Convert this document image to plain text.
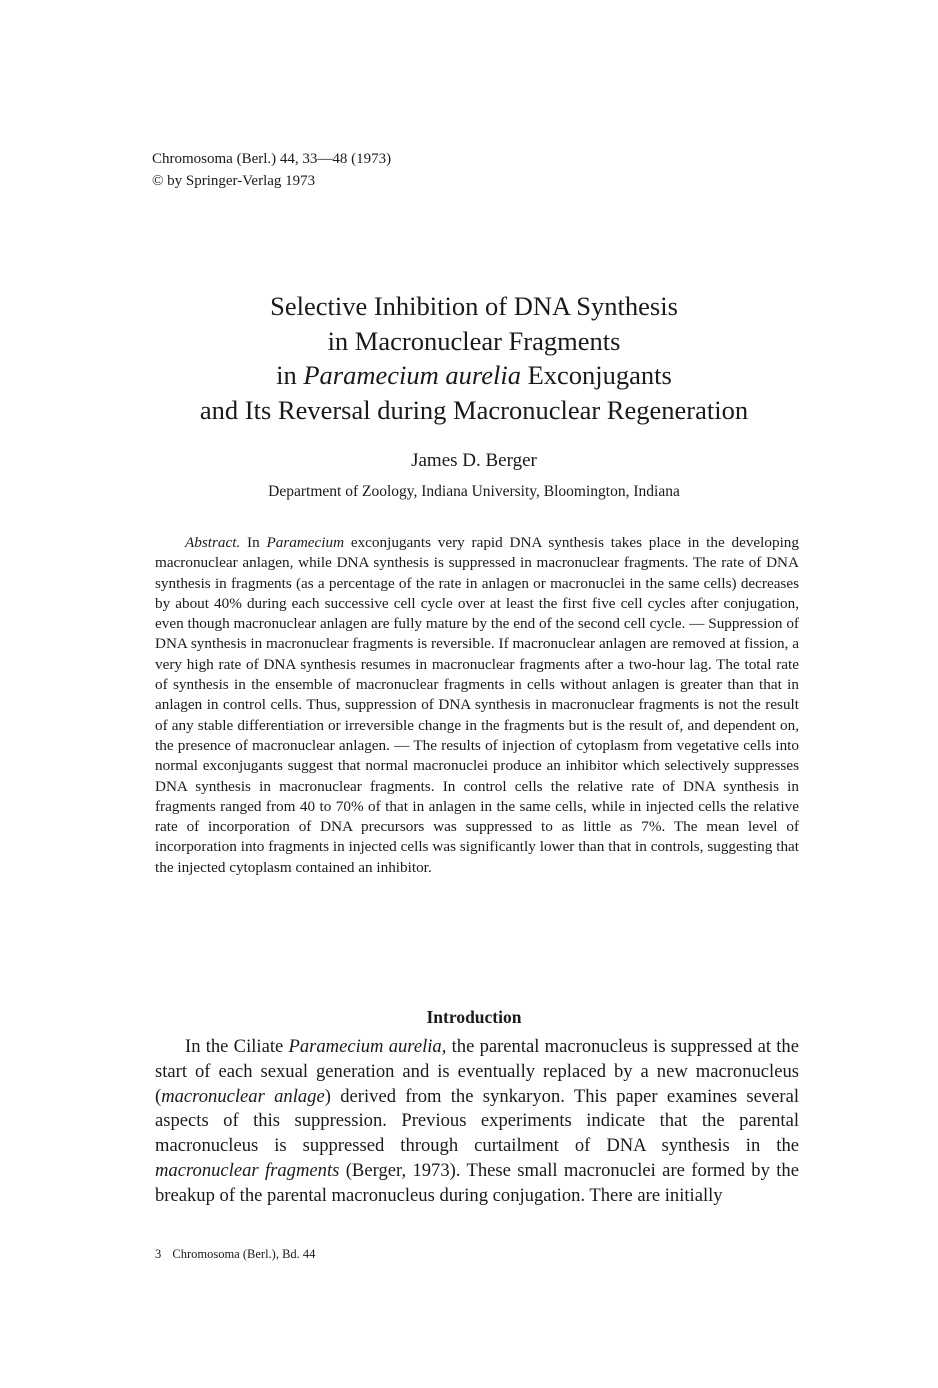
Chromosoma (Berl.) 44, 33—48 (1973)
© by Springer-Verlag 1973
Selective Inhibition of DNA Synthesis
in Macronuclear Fragments
in Paramecium aurelia Exconjugants
and Its Reversal during Macronuclear Regeneration
James D. Berger
Department of Zoology, Indiana University, Bloomington, Indiana

Abstract. In Paramecium exconjugants very rapid DNA synthesis takes place in the developing macronuclear anlagen, while DNA synthesis is suppressed in macronuclear fragments. The rate of DNA synthesis in fragments (as a percentage of the rate in anlagen or macronuclei in the same cells) decreases by about 40% during each successive cell cycle over at least the first five cell cycles after conjugation, even though macronuclear anlagen are fully mature by the end of the second cell cycle. — Suppression of DNA synthesis in macronuclear fragments is reversible. If macronuclear anlagen are removed at fission, a very high rate of DNA synthesis resumes in macronuclear fragments after a two-hour lag. The total rate of synthesis in the ensemble of macronuclear fragments in cells without anlagen is greater than that in anlagen in control cells. Thus, suppression of DNA synthesis in macronuclear fragments is not the result of any stable differentiation or irreversible change in the fragments but is the result of, and dependent on, the presence of macronuclear anlagen. — The results of injection of cytoplasm from vegetative cells into normal exconjugants suggest that normal macronuclei produce an inhibitor which selectively suppresses DNA synthesis in macronuclear fragments. In control cells the relative rate of DNA synthesis in fragments ranged from 40 to 70% of that in anlagen in the same cells, while in injected cells the relative rate of incorporation of DNA precursors was suppressed to as little as 7%. The mean level of incorporation into fragments in injected cells was significantly lower than that in controls, suggesting that the injected cytoplasm contained an inhibitor.

Introduction

In the Ciliate Paramecium aurelia, the parental macronucleus is suppressed at the start of each sexual generation and is eventually replaced by a new macronucleus (macronuclear anlage) derived from the synkaryon. This paper examines several aspects of this suppression. Previous experiments indicate that the parental macronucleus is suppressed through curtailment of DNA synthesis in the macronuclear fragments (Berger, 1973). These small macronuclei are formed by the breakup of the parental macronucleus during conjugation. There are initially

3 Chromosoma (Berl.), Bd. 44
